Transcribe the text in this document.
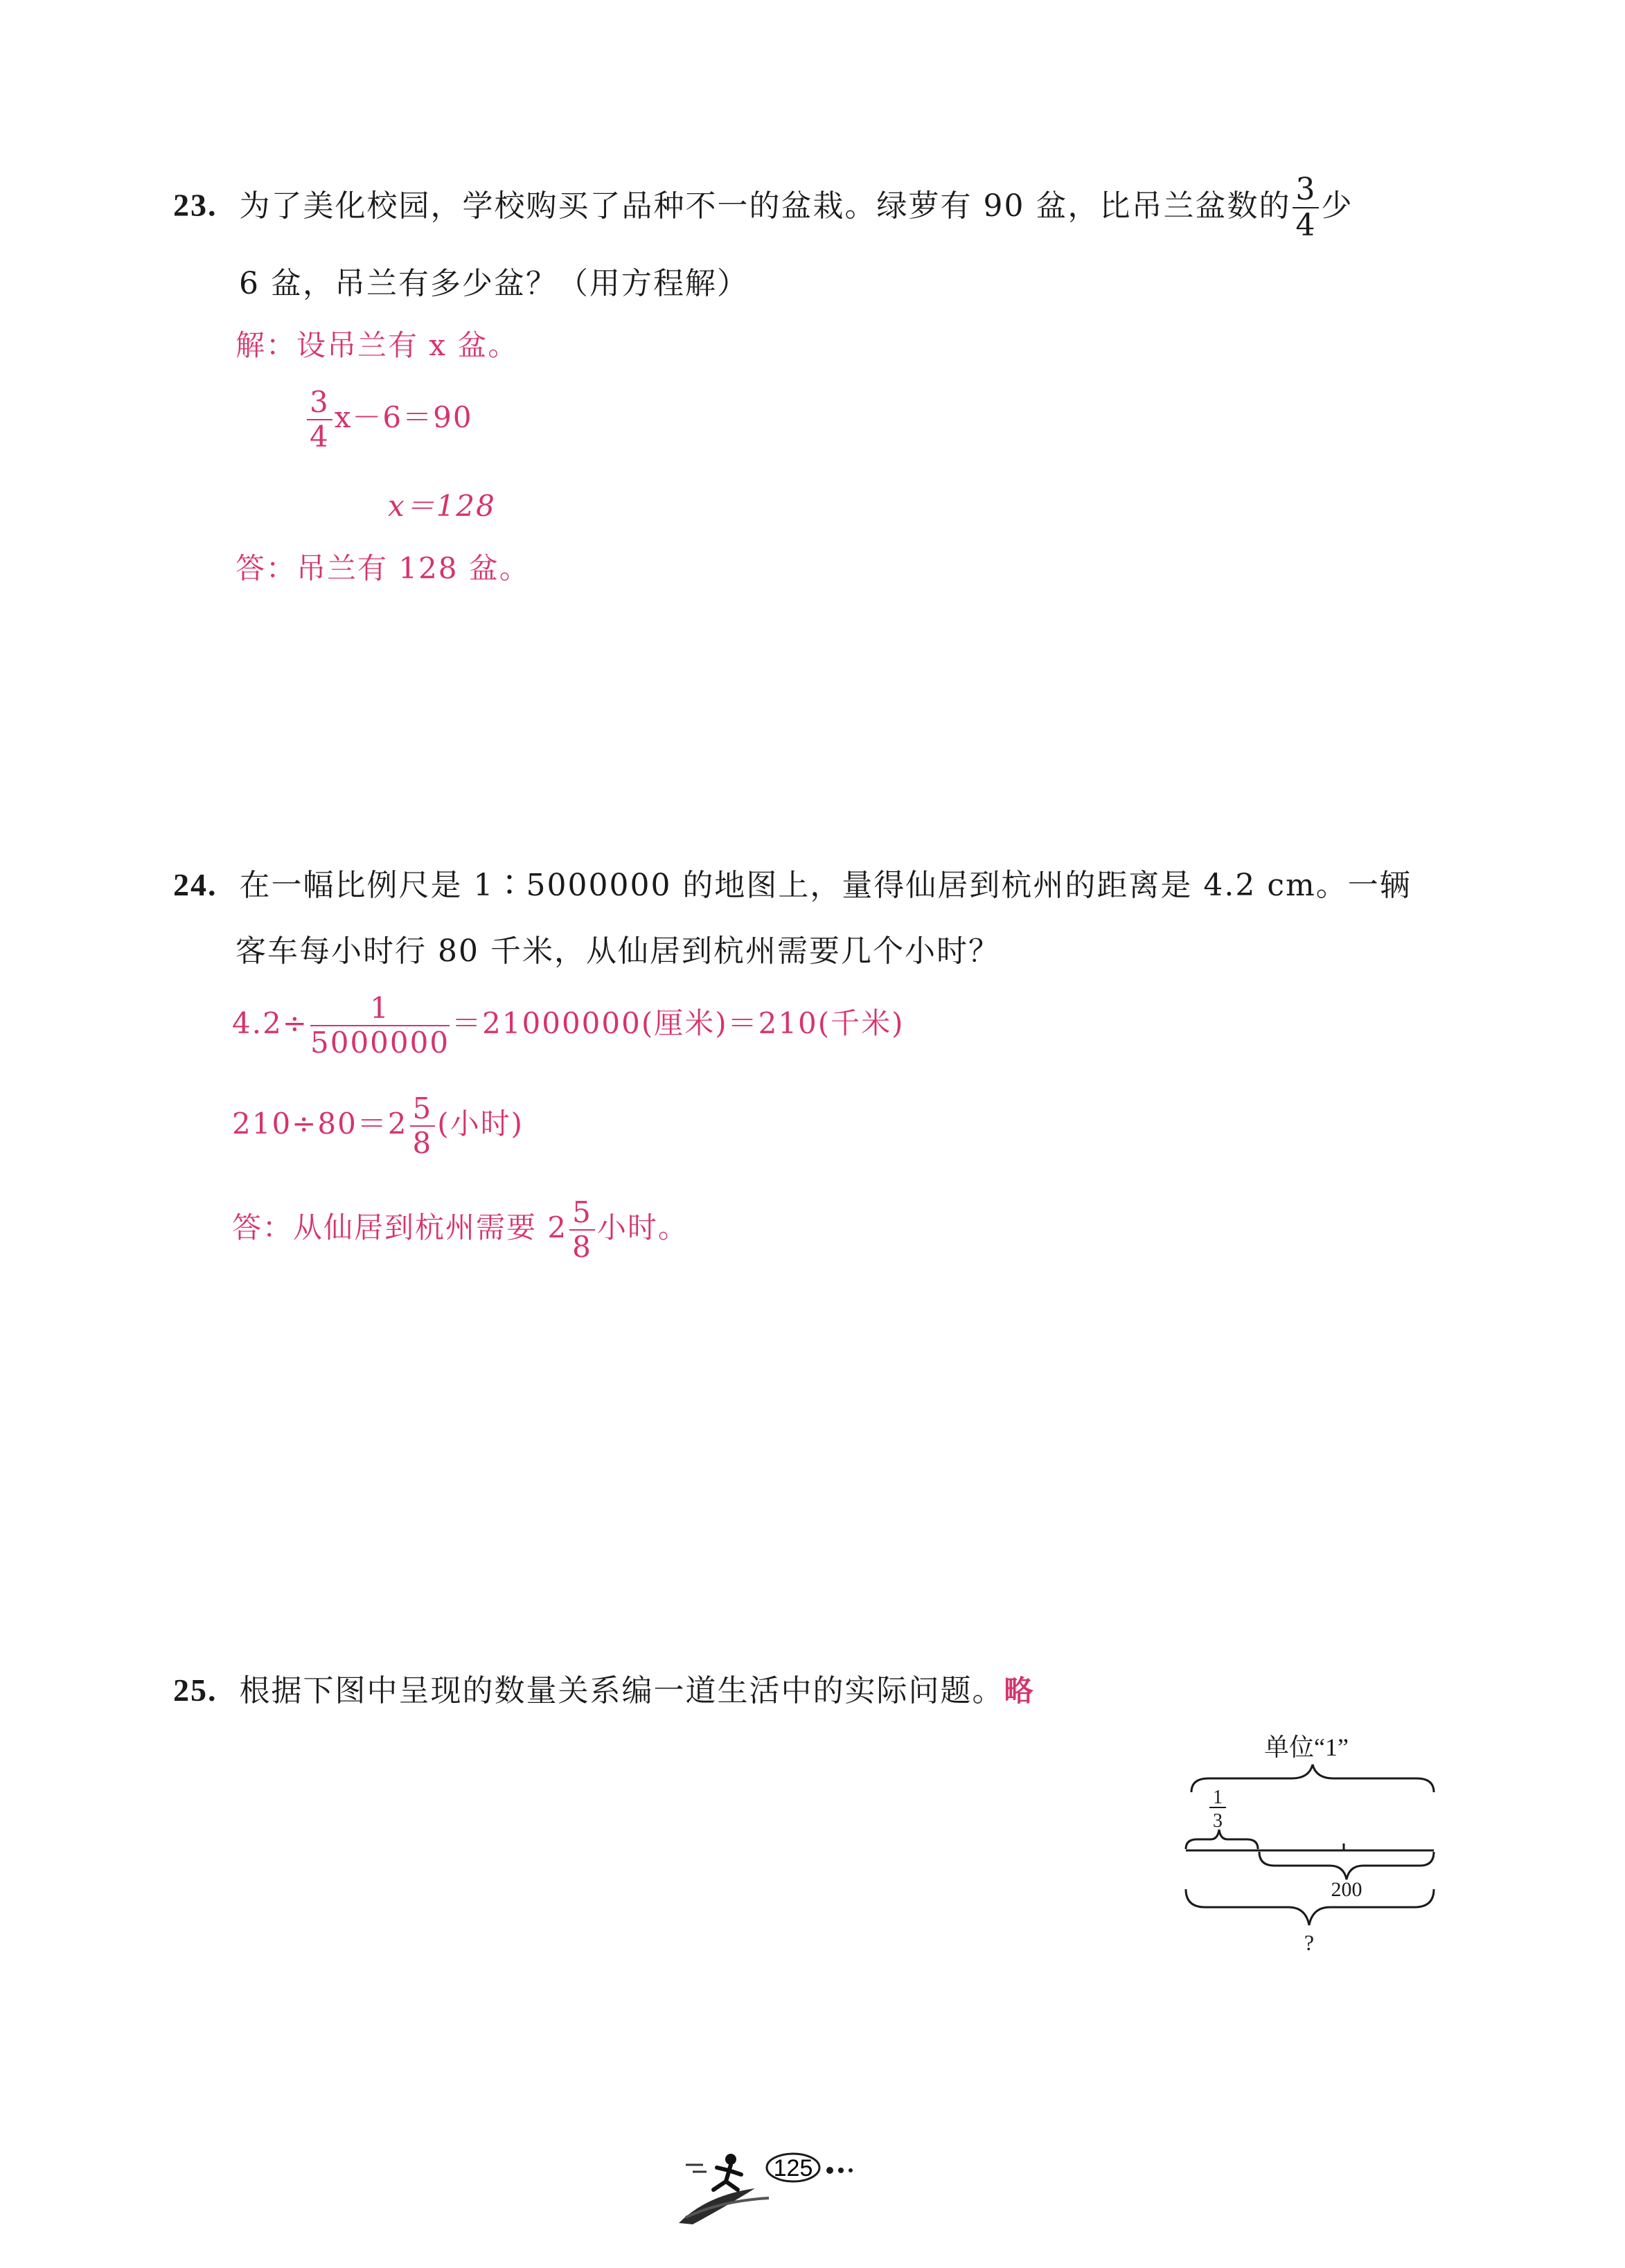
23. 为了美化校园，学校购买了品种不一的盆栽。绿萝有 90 盆，比吊兰盆数的 $\frac{3}{4}$ 少
6 盆，吊兰有多少盆？（用方程解）
解：设吊兰有 x 盆。
$\frac{3}{4} x-6=90$
x＝128
答：吊兰有 128 盆。
24. 在一幅比例尺是 1∶5000000 的地图上，量得仙居到杭州的距离是 4.2 cm。一辆
客车每小时行 80 千米，从仙居到杭州需要几个小时？
$4.2\div \frac{1}{5000000} =21000000$(厘米)＝210(千米)
$210\div 80=2 \frac{5}{8}$ (小时)
答：从仙居到杭州需要 $2 \frac{5}{8}$ 小时。
25. 根据下图中呈现的数量关系编一道生活中的实际问题。略
单位“1”
1
3
200
?
125
